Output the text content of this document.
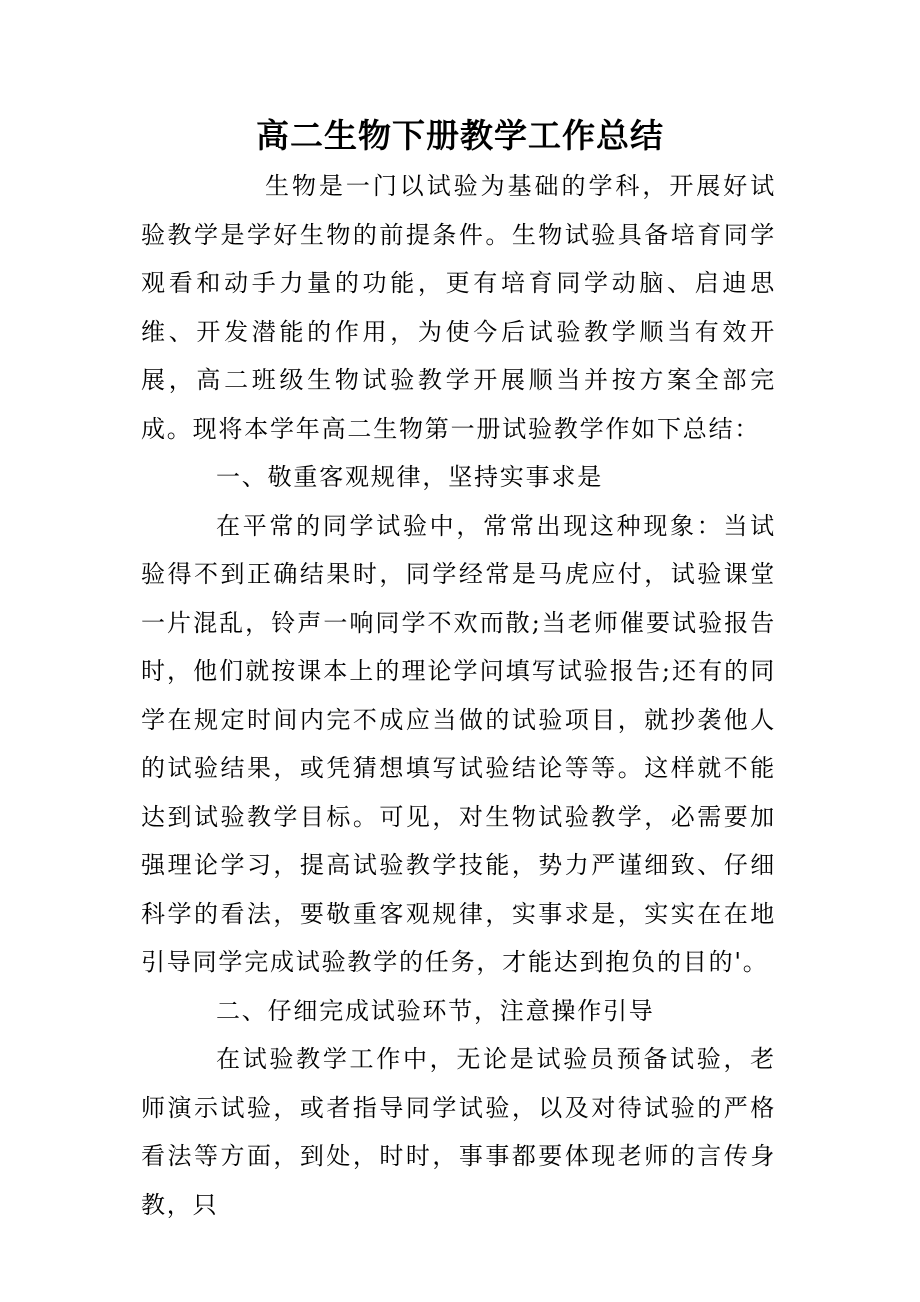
高二生物下册教学工作总结

生物是一门以试验为基础的学科，开展好试验教学是学好生物的前提条件。生物试验具备培育同学观看和动手力量的功能，更有培育同学动脑、启迪思维、开发潜能的作用，为使今后试验教学顺当有效开展，高二班级生物试验教学开展顺当并按方案全部完成。现将本学年高二生物第一册试验教学作如下总结：

一、敬重客观规律，坚持实事求是

在平常的同学试验中，常常出现这种现象：当试验得不到正确结果时，同学经常是马虎应付，试验课堂一片混乱，铃声一响同学不欢而散;当老师催要试验报告时，他们就按课本上的理论学问填写试验报告;还有的同学在规定时间内完不成应当做的试验项目，就抄袭他人的试验结果，或凭猜想填写试验结论等等。这样就不能达到试验教学目标。可见，对生物试验教学，必需要加强理论学习，提高试验教学技能，势力严谨细致、仔细科学的看法，要敬重客观规律，实事求是，实实在在地引导同学完成试验教学的任务，才能达到抱负的目的'。

二、仔细完成试验环节，注意操作引导

在试验教学工作中，无论是试验员预备试验，老师演示试验，或者指导同学试验，以及对待试验的严格看法等方面，到处，时时，事事都要体现老师的言传身教，只
